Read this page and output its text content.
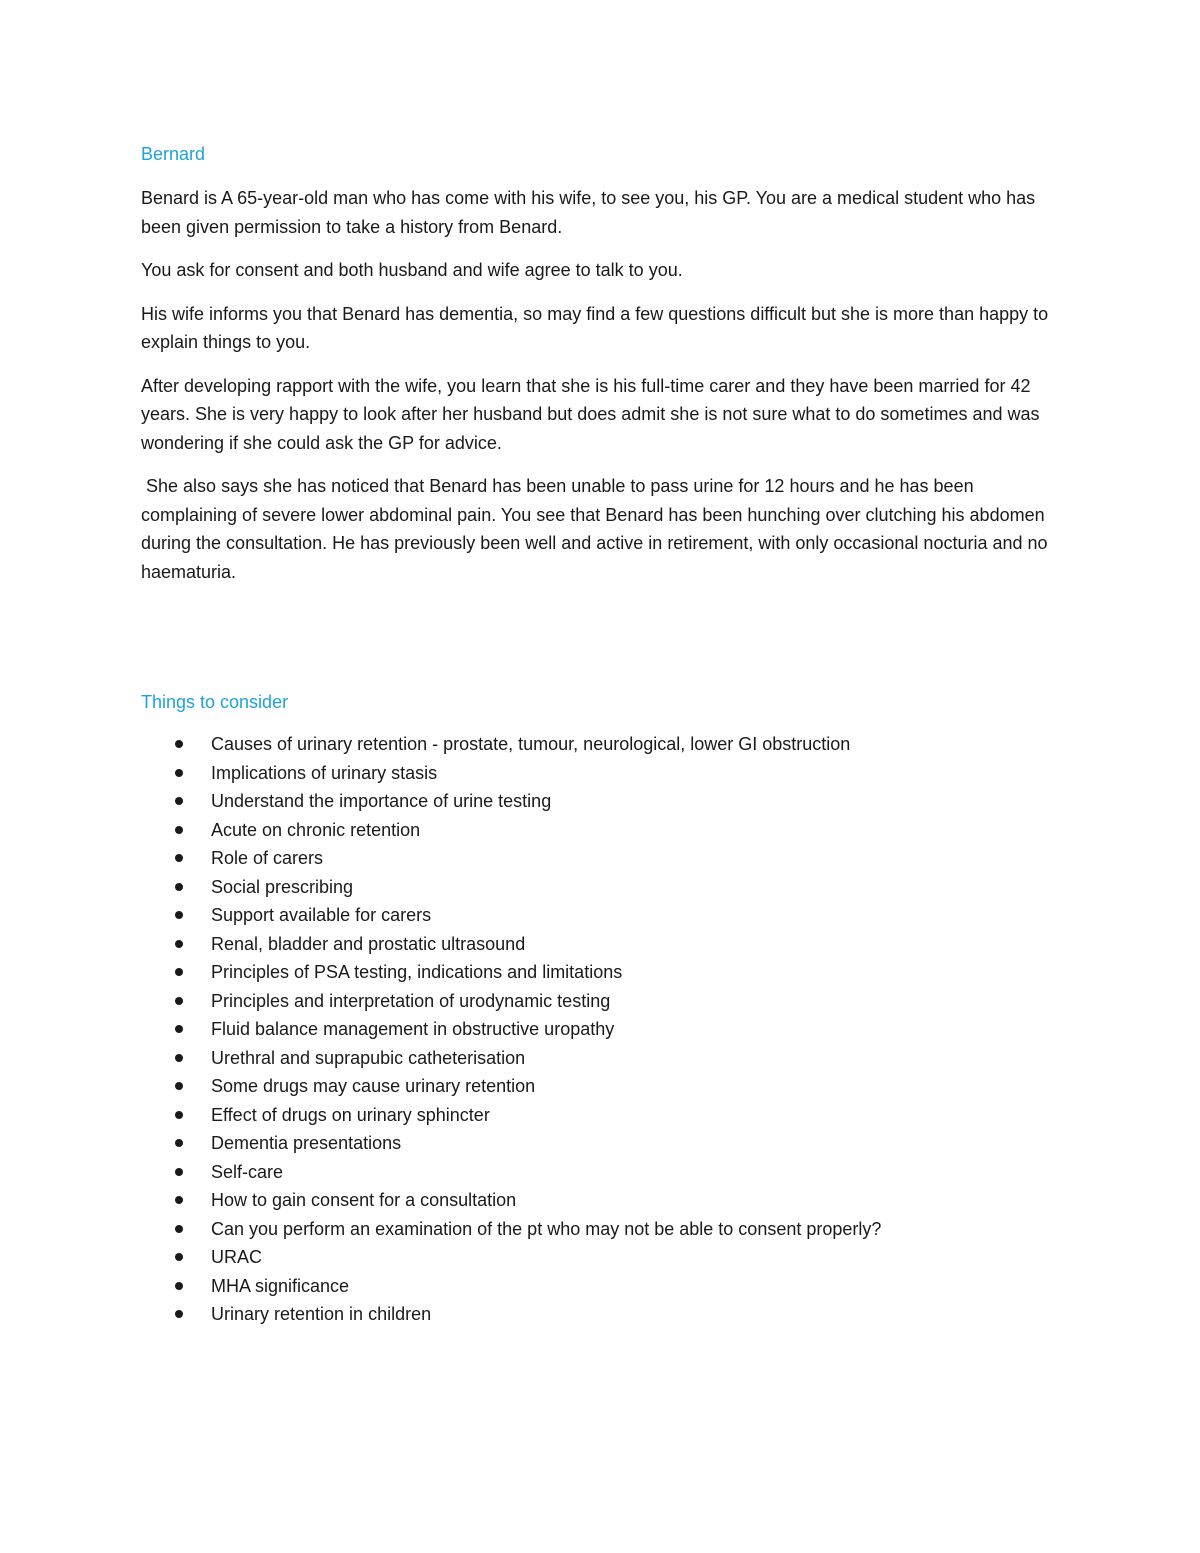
Bernard

Benard is A 65-year-old man who has come with his wife, to see you, his GP. You are a medical student who has been given permission to take a history from Benard.

You ask for consent and both husband and wife agree to talk to you.

His wife informs you that Benard has dementia, so may find a few questions difficult but she is more than happy to explain things to you.

After developing rapport with the wife, you learn that she is his full-time carer and they have been married for 42 years. She is very happy to look after her husband but does admit she is not sure what to do sometimes and was wondering if she could ask the GP for advice.

She also says she has noticed that Benard has been unable to pass urine for 12 hours and he has been complaining of severe lower abdominal pain. You see that Benard has been hunching over clutching his abdomen during the consultation. He has previously been well and active in retirement, with only occasional nocturia and no haematuria.

Things to consider
Causes of urinary retention - prostate, tumour, neurological, lower GI obstruction
Implications of urinary stasis
Understand the importance of urine testing
Acute on chronic retention
Role of carers
Social prescribing
Support available for carers
Renal, bladder and prostatic ultrasound
Principles of PSA testing, indications and limitations
Principles and interpretation of urodynamic testing
Fluid balance management in obstructive uropathy
Urethral and suprapubic catheterisation
Some drugs may cause urinary retention
Effect of drugs on urinary sphincter
Dementia presentations
Self-care
How to gain consent for a consultation
Can you perform an examination of the pt who may not be able to consent properly?
URAC
MHA significance
Urinary retention in children
